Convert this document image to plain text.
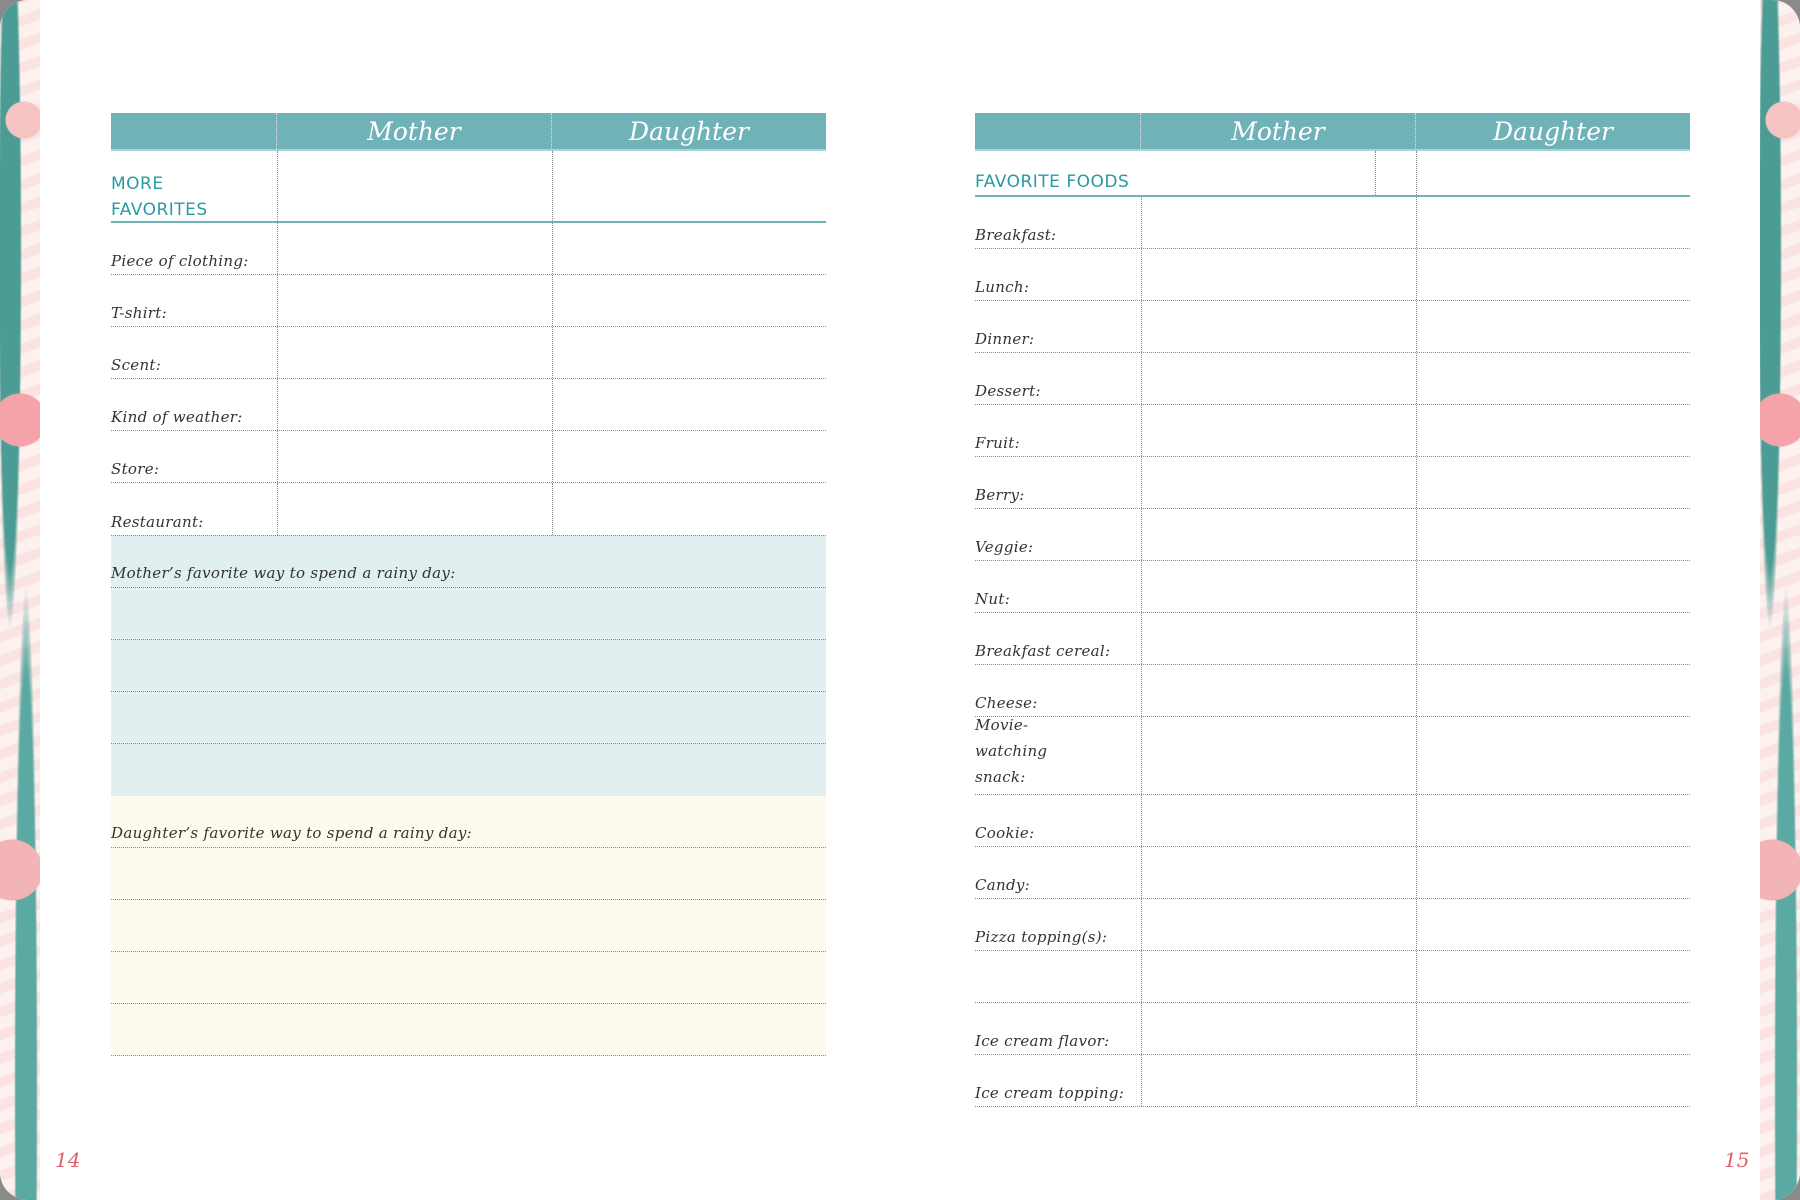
Mother	Daughter
MORE
FAVORITES
Piece of clothing:
T-shirt:
Scent:
Kind of weather:
Store:
Restaurant:
Mother’s favorite way to spend a rainy day:
Daughter’s favorite way to spend a rainy day:
14
Mother	Daughter
FAVORITE FOODS
Breakfast:
Lunch:
Dinner:
Dessert:
Fruit:
Berry:
Veggie:
Nut:
Breakfast cereal:
Cheese:
Movie-watching snack:
Cookie:
Candy:
Pizza topping(s):
Ice cream flavor:
Ice cream topping:
15
